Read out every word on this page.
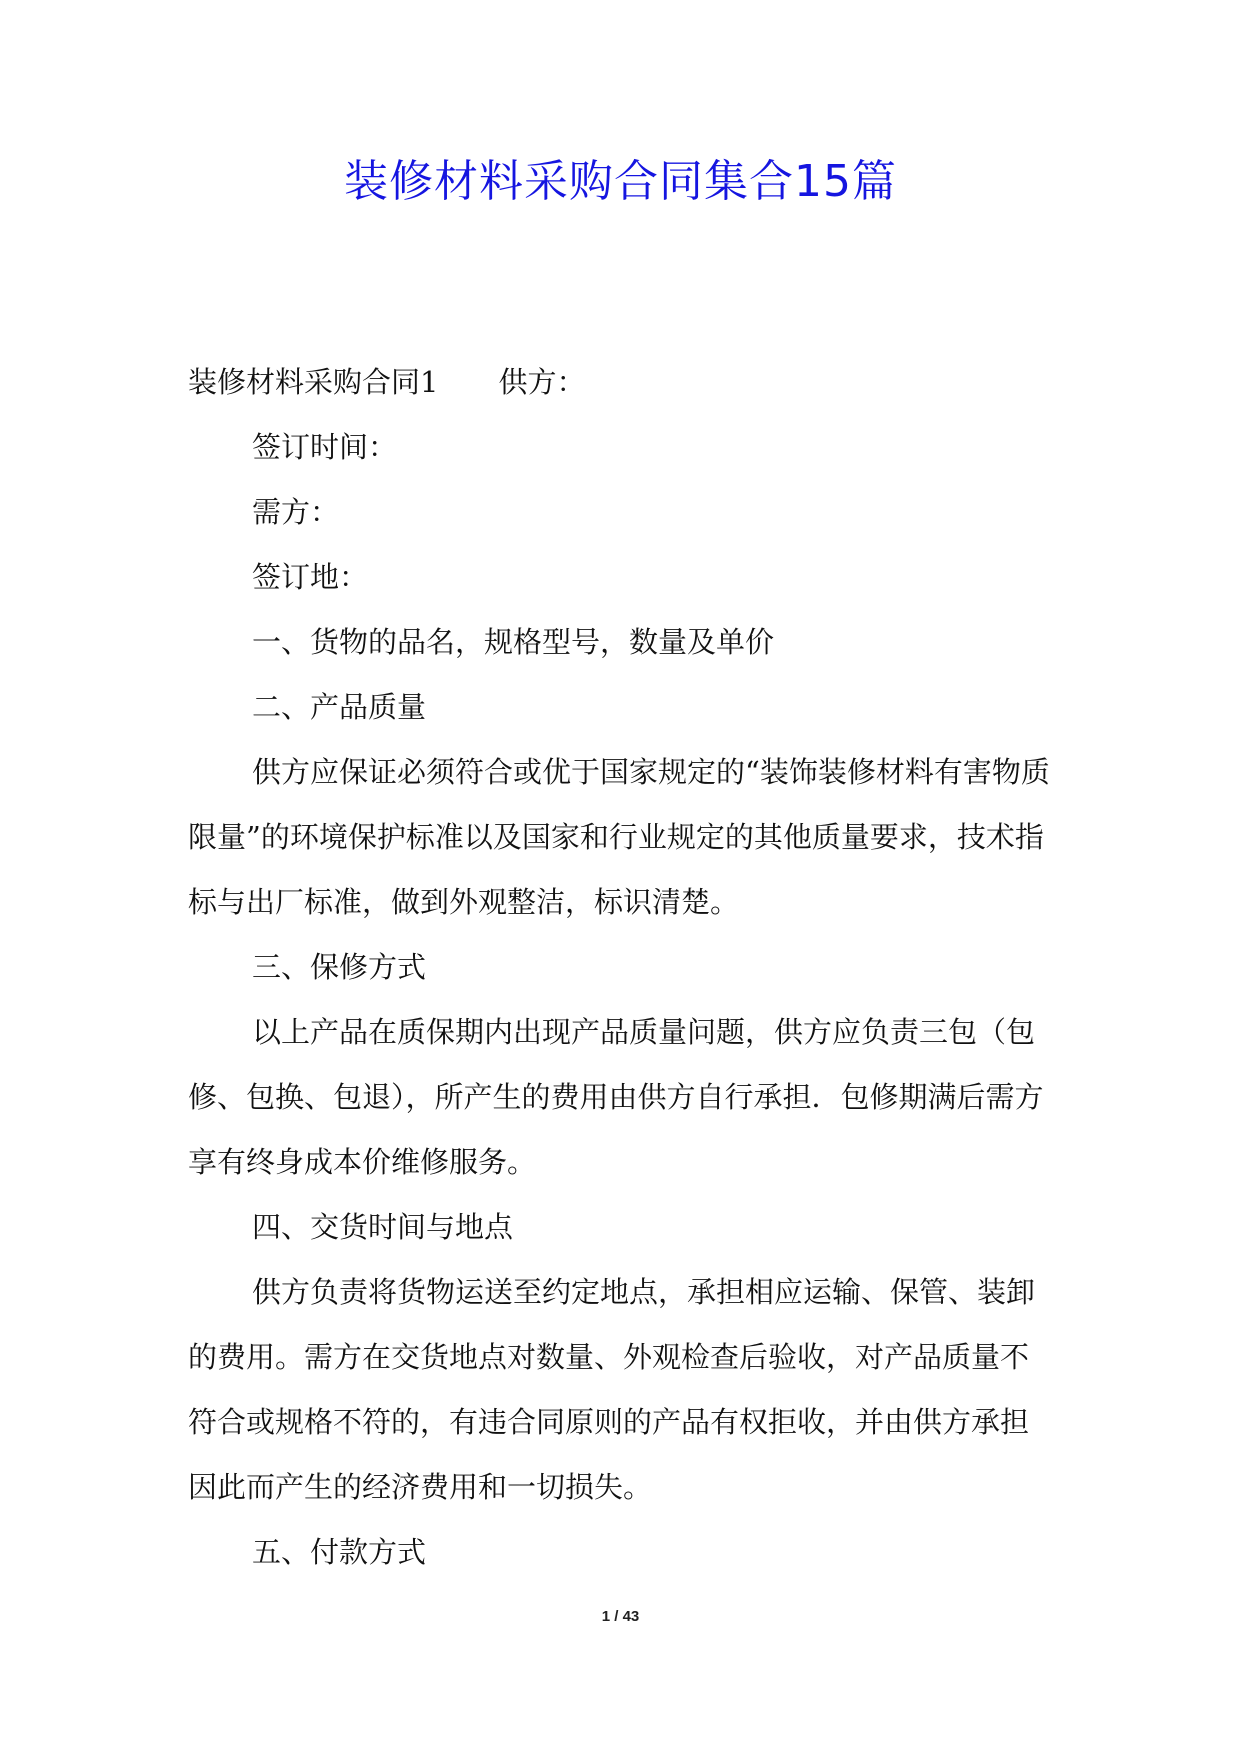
装修材料采购合同集合15篇

装修材料采购合同1 供方：

签订时间：

需方：

签订地：

一、货物的品名，规格型号，数量及单价

二、产品质量

供方应保证必须符合或优于国家规定的“装饰装修材料有害物质限量”的环境保护标准以及国家和行业规定的其他质量要求，技术指标与出厂标准，做到外观整洁，标识清楚。

三、保修方式

以上产品在质保期内出现产品质量问题，供方应负责三包（包修、包换、包退），所产生的费用由供方自行承担．包修期满后需方享有终身成本价维修服务。

四、交货时间与地点

供方负责将货物运送至约定地点，承担相应运输、保管、装卸的费用。需方在交货地点对数量、外观检查后验收，对产品质量不符合或规格不符的，有违合同原则的产品有权拒收，并由供方承担因此而产生的经济费用和一切损失。

五、付款方式

1 / 43
